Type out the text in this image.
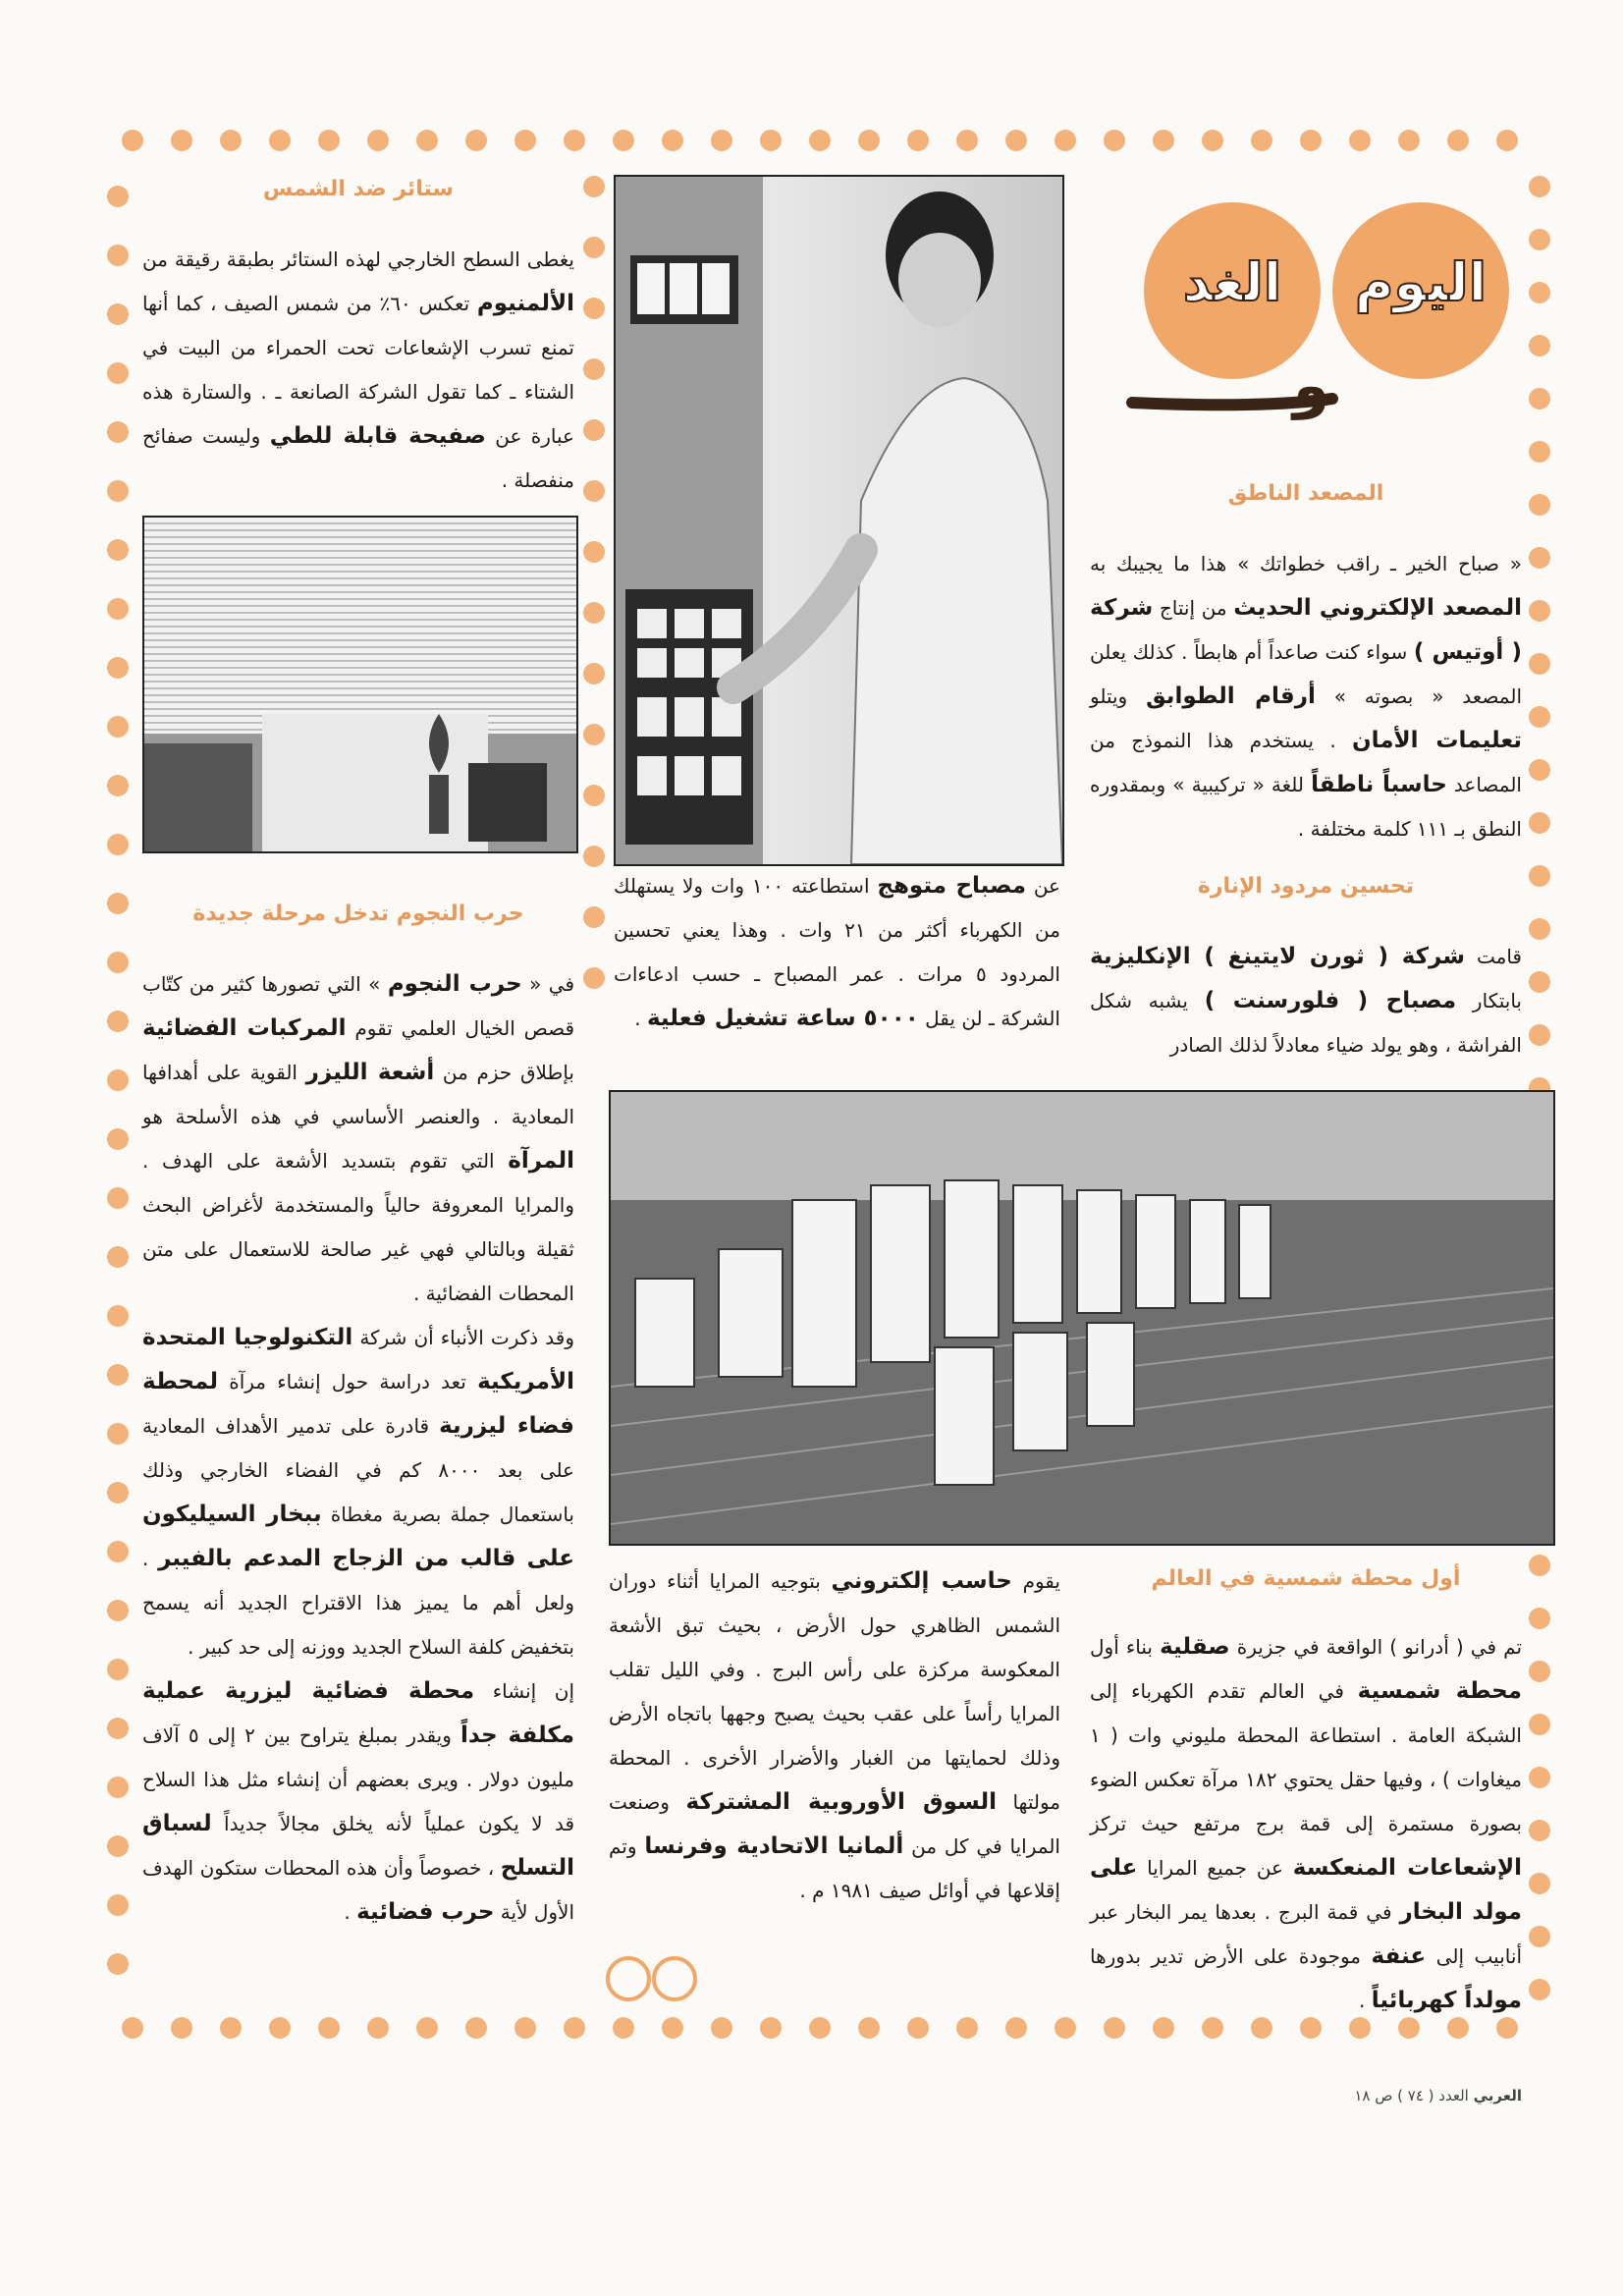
اليوم
الغد
و
المصعد الناطق
« صباح الخير ـ راقب خطواتك » هذا ما يجيبك به المصعد الإلكتروني الحديث من إنتاج شركة ( أوتيس ) سواء كنت صاعداً أم هابطاً . كذلك يعلن المصعد « بصوته » أرقام الطوابق ويتلو تعليمات الأمان . يستخدم هذا النموذج من المصاعد حاسباً ناطقاً للغة « تركيبية » وبمقدوره النطق بـ ١١١ كلمة مختلفة .
تحسين مردود الإنارة
قامت شركة ( ثورن لايتينغ ) الإنكليزية بابتكار مصباح ( فلورسنت ) يشبه شكل الفراشة ، وهو يولد ضياء معادلاً لذلك الصادر
عن مصباح متوهج استطاعته ١٠٠ وات ولا يستهلك من الكهرباء أكثر من ٢١ وات . وهذا يعني تحسين المردود ٥ مرات . عمر المصباح ـ حسب ادعاءات الشركة ـ لن يقل ٥٠٠٠ ساعة تشغيل فعلية .
أول محطة شمسية في العالم
تم في ( أدرانو ) الواقعة في جزيرة صقلية بناء أول محطة شمسية في العالم تقدم الكهرباء إلى الشبكة العامة . استطاعة المحطة مليوني وات ( ١ ميغاوات ) ، وفيها حقل يحتوي ١٨٢ مرآة تعكس الضوء بصورة مستمرة إلى قمة برج مرتفع حيث تركز الإشعاعات المنعكسة عن جميع المرايا على مولد البخار في قمة البرج . بعدها يمر البخار عبر أنابيب إلى عنفة موجودة على الأرض تدير بدورها مولداً كهربائياً .
يقوم حاسب إلكتروني بتوجيه المرايا أثناء دوران الشمس الظاهري حول الأرض ، بحيث تبق الأشعة المعكوسة مركزة على رأس البرج . وفي الليل تقلب المرايا رأساً على عقب بحيث يصبح وجهها باتجاه الأرض وذلك لحمايتها من الغبار والأضرار الأخرى . المحطة مولتها السوق الأوروبية المشتركة وصنعت المرايا في كل من ألمانيا الاتحادية وفرنسا وتم إقلاعها في أوائل صيف ١٩٨١ م .
ستائر ضد الشمس
يغطى السطح الخارجي لهذه الستائر بطبقة رقيقة من الألمنيوم تعكس ٦٠٪ من شمس الصيف ، كما أنها تمنع تسرب الإشعاعات تحت الحمراء من البيت في الشتاء ـ كما تقول الشركة الصانعة ـ . والستارة هذه عبارة عن صفيحة قابلة للطي وليست صفائح منفصلة .
حرب النجوم تدخل مرحلة جديدة
في « حرب النجوم » التي تصورها كثير من كتّاب قصص الخيال العلمي تقوم المركبات الفضائية بإطلاق حزم من أشعة الليزر القوية على أهدافها المعادية . والعنصر الأساسي في هذه الأسلحة هو المرآة التي تقوم بتسديد الأشعة على الهدف . والمرايا المعروفة حالياً والمستخدمة لأغراض البحث ثقيلة وبالتالي فهي غير صالحة للاستعمال على متن المحطات الفضائية .
وقد ذكرت الأنباء أن شركة التكنولوجيا المتحدة الأمريكية تعد دراسة حول إنشاء مرآة لمحطة فضاء ليزرية قادرة على تدمير الأهداف المعادية على بعد ٨٠٠٠ كم في الفضاء الخارجي وذلك باستعمال جملة بصرية مغطاة ببخار السيليكون على قالب من الزجاج المدعم بالفيبر . ولعل أهم ما يميز هذا الاقتراح الجديد أنه يسمح بتخفيض كلفة السلاح الجديد ووزنه إلى حد كبير .
إن إنشاء محطة فضائية ليزرية عملية مكلفة جداً ويقدر بمبلغ يتراوح بين ٢ إلى ٥ آلاف مليون دولار . ويرى بعضهم أن إنشاء مثل هذا السلاح قد لا يكون عملياً لأنه يخلق مجالاً جديداً لسباق التسلح ، خصوصاً وأن هذه المحطات ستكون الهدف الأول لأية حرب فضائية .
العربي العدد ( ٧٤ ) ص ١٨
